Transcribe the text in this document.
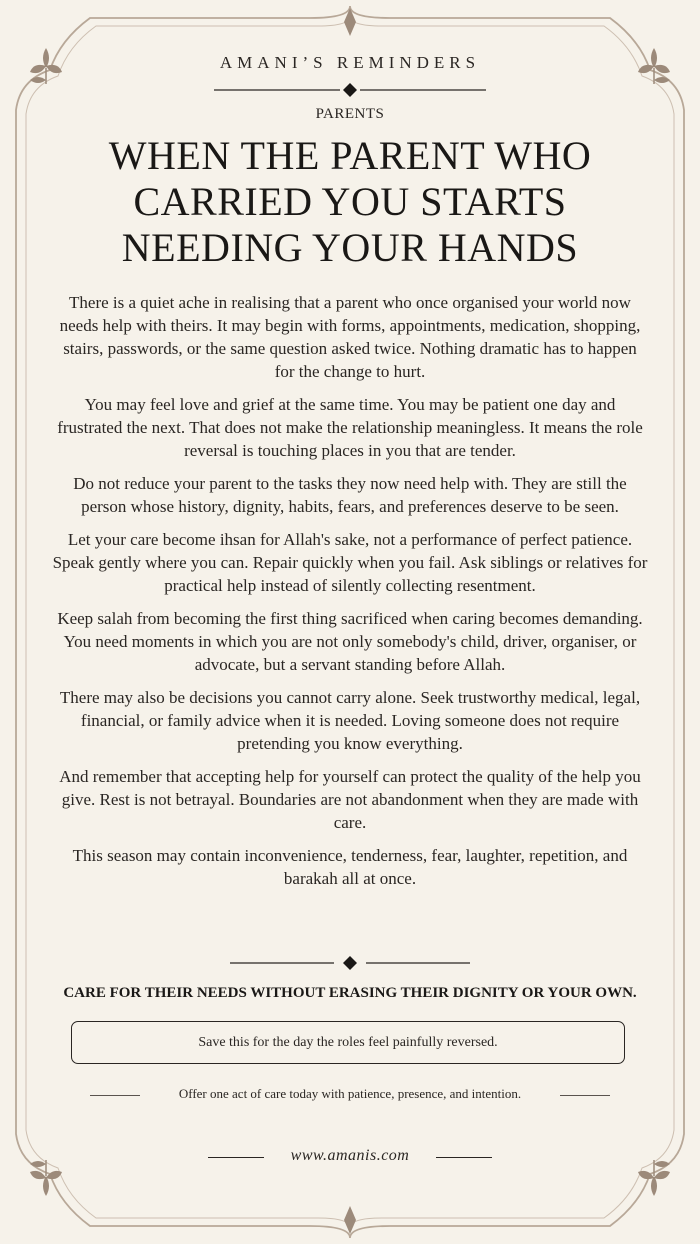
AMANI’S REMINDERS
PARENTS
WHEN THE PARENT WHO CARRIED YOU STARTS NEEDING YOUR HANDS

There is a quiet ache in realising that a parent who once organised your world now needs help with theirs. It may begin with forms, appointments, medication, shopping, stairs, passwords, or the same question asked twice. Nothing dramatic has to happen for the change to hurt.

You may feel love and grief at the same time. You may be patient one day and frustrated the next. That does not make the relationship meaningless. It means the role reversal is touching places in you that are tender.

Do not reduce your parent to the tasks they now need help with. They are still the person whose history, dignity, habits, fears, and preferences deserve to be seen.

Let your care become ihsan for Allah's sake, not a performance of perfect patience. Speak gently where you can. Repair quickly when you fail. Ask siblings or relatives for practical help instead of silently collecting resentment.

Keep salah from becoming the first thing sacrificed when caring becomes demanding. You need moments in which you are not only somebody's child, driver, organiser, or advocate, but a servant standing before Allah.

There may also be decisions you cannot carry alone. Seek trustworthy medical, legal, financial, or family advice when it is needed. Loving someone does not require pretending you know everything.

And remember that accepting help for yourself can protect the quality of the help you give. Rest is not betrayal. Boundaries are not abandonment when they are made with care.

This season may contain inconvenience, tenderness, fear, laughter, repetition, and barakah all at once.

CARE FOR THEIR NEEDS WITHOUT ERASING THEIR DIGNITY OR YOUR OWN.

Save this for the day the roles feel painfully reversed.
Offer one act of care today with patience, presence, and intention.
www.amanis.com
